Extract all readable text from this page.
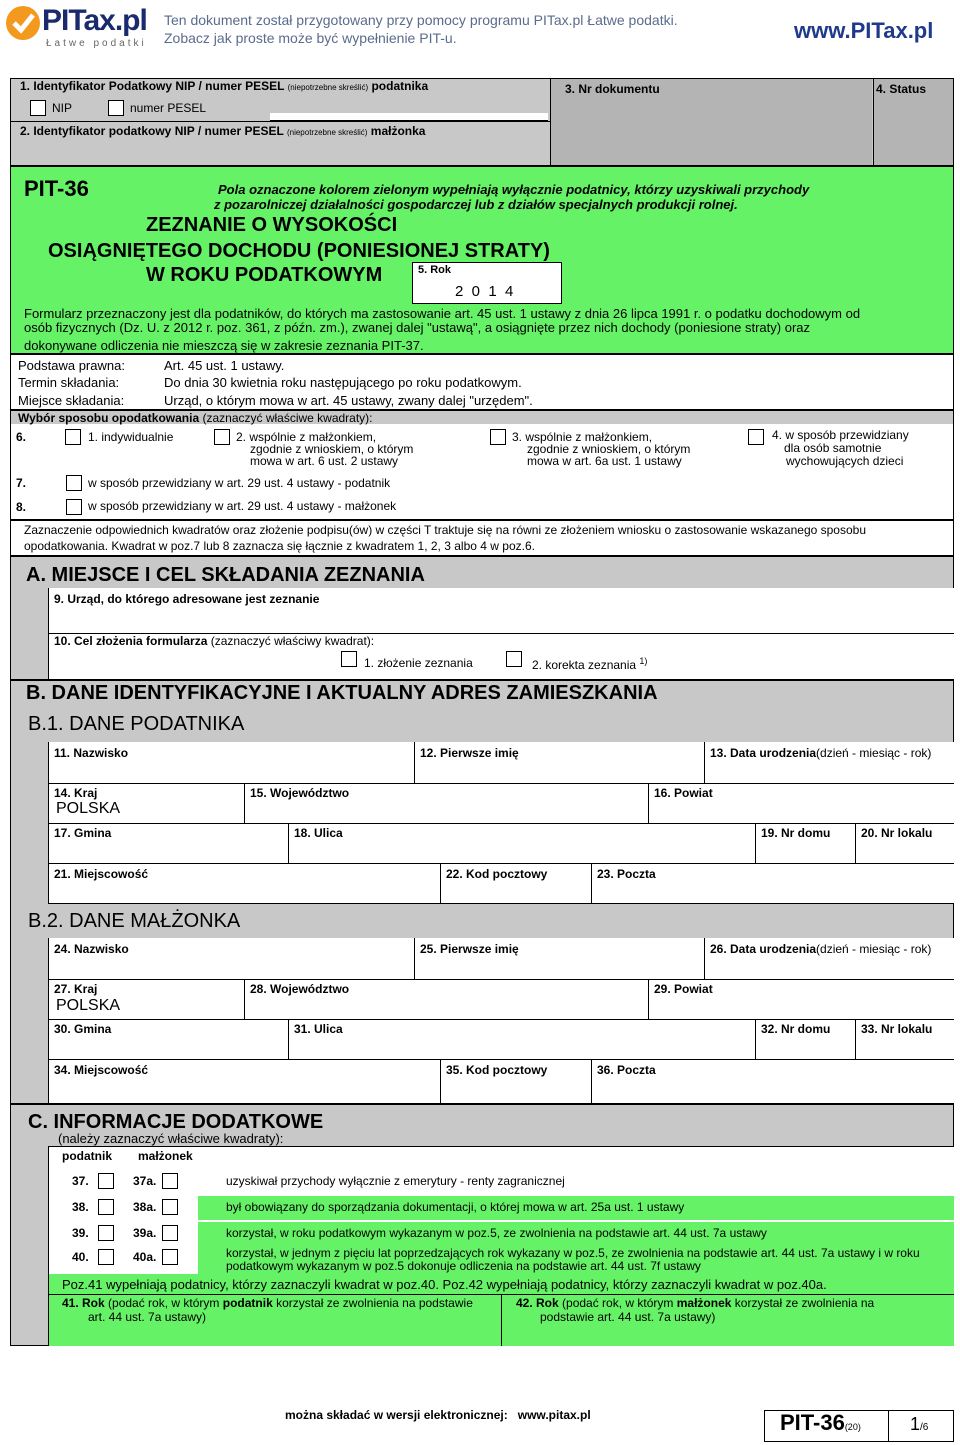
PITax.pl
Łatwe podatki
Ten dokument został przygotowany przy pomocy programu PITax.pl Łatwe podatki.
Zobacz jak proste może być wypełnienie PIT-u.	www.PITax.pl
1. Identyfikator Podatkowy NIP / numer PESEL (niepotrzebne skreślić) podatnika
NIP	numer PESEL
2. Identyfikator podatkowy NIP / numer PESEL (niepotrzebne skreślić) małżonka
3. Nr dokumentu	4. Status
PIT-36	Pola oznaczone kolorem zielonym wypełniają wyłącznie podatnicy, którzy uzyskiwali przychody
z pozarolniczej działalności gospodarczej lub z działów specjalnych produkcji rolnej.
ZEZNANIE O WYSOKOŚCI
OSIĄGNIĘTEGO DOCHODU (PONIESIONEJ STRATY)
W ROKU PODATKOWYM	5. Rok
2  0  1  4
Formularz przeznaczony jest dla podatników, do których ma zastosowanie art. 45 ust. 1 ustawy z dnia 26 lipca 1991 r. o podatku dochodowym od
osób fizycznych (Dz. U. z 2012 r. poz. 361, z późn. zm.), zwanej dalej "ustawą", a osiągnięte przez nich dochody (poniesione straty) oraz
dokonywane odliczenia nie mieszczą się w zakresie zeznania PIT-37.
Podstawa prawna:	Art. 45 ust. 1 ustawy.
Termin składania:	Do dnia 30 kwietnia roku następującego po roku podatkowym.
Miejsce składania:	Urząd, o którym mowa w art. 45 ustawy, zwany dalej "urzędem".
Wybór sposobu opodatkowania (zaznaczyć właściwe kwadraty):
6.	1. indywidualnie	2. wspólnie z małżonkiem,
zgodnie z wnioskiem, o którym
mowa w art. 6 ust. 2 ustawy
3. wspólnie z małżonkiem,
zgodnie z wnioskiem, o którym
mowa w art. 6a ust. 1 ustawy
4. w sposób przewidziany
dla osób samotnie
wychowujących dzieci
7.	w sposób przewidziany w art. 29 ust. 4 ustawy - podatnik
8.	w sposób przewidziany w art. 29 ust. 4 ustawy - małżonek
Zaznaczenie odpowiednich kwadratów oraz złożenie podpisu(ów) w części T traktuje się na równi ze złożeniem wniosku o zastosowanie wskazanego sposobu
opodatkowania. Kwadrat w poz.7 lub 8 zaznacza się łącznie z kwadratem 1, 2, 3 albo 4 w poz.6.
A. MIEJSCE I CEL SKŁADANIA ZEZNANIA
9. Urząd, do którego adresowane jest zeznanie
10. Cel złożenia formularza (zaznaczyć właściwy kwadrat):
1. złożenie zeznania	2. korekta zeznania $^{1)}$
B. DANE IDENTYFIKACYJNE I AKTUALNY ADRES ZAMIESZKANIA
B.1. DANE PODATNIKA
11. Nazwisko	12. Pierwsze imię	13. Data urodzenia(dzień - miesiąc - rok)
14. Kraj
POLSKA
15. Województwo	16. Powiat
17. Gmina	18. Ulica	19. Nr domu	20. Nr lokalu
21. Miejscowość	22. Kod pocztowy	23. Poczta
B.2. DANE MAŁŻONKA
24. Nazwisko	25. Pierwsze imię	26. Data urodzenia(dzień - miesiąc - rok)
27. Kraj
POLSKA
28. Województwo	29. Powiat
30. Gmina	31. Ulica	32. Nr domu	33. Nr lokalu
34. Miejscowość	35. Kod pocztowy	36. Poczta
C. INFORMACJE DODATKOWE
(należy zaznaczyć właściwe kwadraty):
podatnik małżonek
37.	37a.	uzyskiwał przychody wyłącznie z emerytury - renty zagranicznej
38.	38a.	był obowiązany do sporządzania dokumentacji, o której mowa w art. 25a ust. 1 ustawy
39.	39a.	korzystał, w roku podatkowym wykazanym w poz.5, ze zwolnienia na podstawie art. 44 ust. 7a ustawy
40.	40a.	korzystał, w jednym z pięciu lat poprzedzających rok wykazany w poz.5, ze zwolnienia na podstawie art. 44 ust. 7a ustawy i w roku
podatkowym wykazanym w poz.5 dokonuje odliczenia na podstawie art. 44 ust. 7f ustawy
Poz.41 wypełniają podatnicy, którzy zaznaczyli kwadrat w poz.40. Poz.42 wypełniają podatnicy, którzy zaznaczyli kwadrat w poz.40a.
41. Rok (podać rok, w którym podatnik korzystał ze zwolnienia na podstawie
art. 44 ust. 7a ustawy)
42. Rok (podać rok, w którym małżonek korzystał ze zwolnienia na
podstawie art. 44 ust. 7a ustawy)
można składać w wersji elektronicznej: www.pitax.pl	PIT-36(20)	1/6
